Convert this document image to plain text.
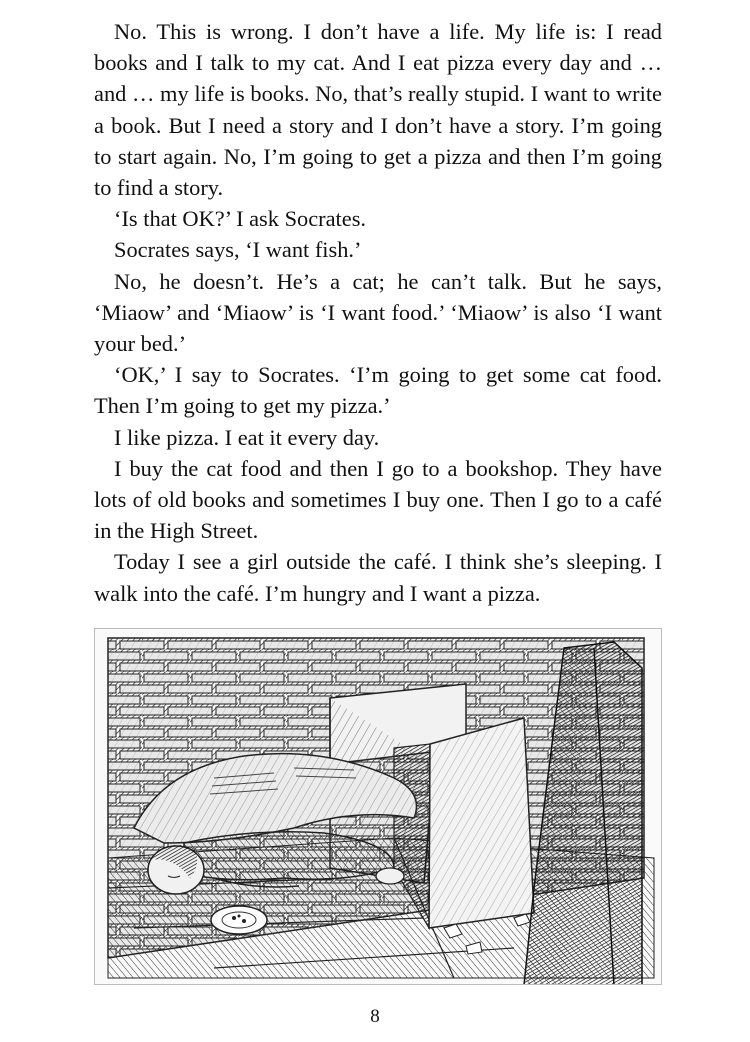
No. This is wrong. I don’t have a life. My life is: I read books and I talk to my cat. And I eat pizza every day and … and … my life is books. No, that’s really stupid. I want to write a book. But I need a story and I don’t have a story. I’m going to start again. No, I’m going to get a pizza and then I’m going to find a story.

‘Is that OK?’ I ask Socrates.

Socrates says, ‘I want fish.’

No, he doesn’t. He’s a cat; he can’t talk. But he says, ‘Miaow’ and ‘Miaow’ is ‘I want food.’ ‘Miaow’ is also ‘I want your bed.’

‘OK,’ I say to Socrates. ‘I’m going to get some cat food. Then I’m going to get my pizza.’

I like pizza. I eat it every day.

I buy the cat food and then I go to a bookshop. They have lots of old books and sometimes I buy one. Then I go to a café in the High Street.

Today I see a girl outside the café. I think she’s sleeping. I walk into the café. I’m hungry and I want a pizza.

8
